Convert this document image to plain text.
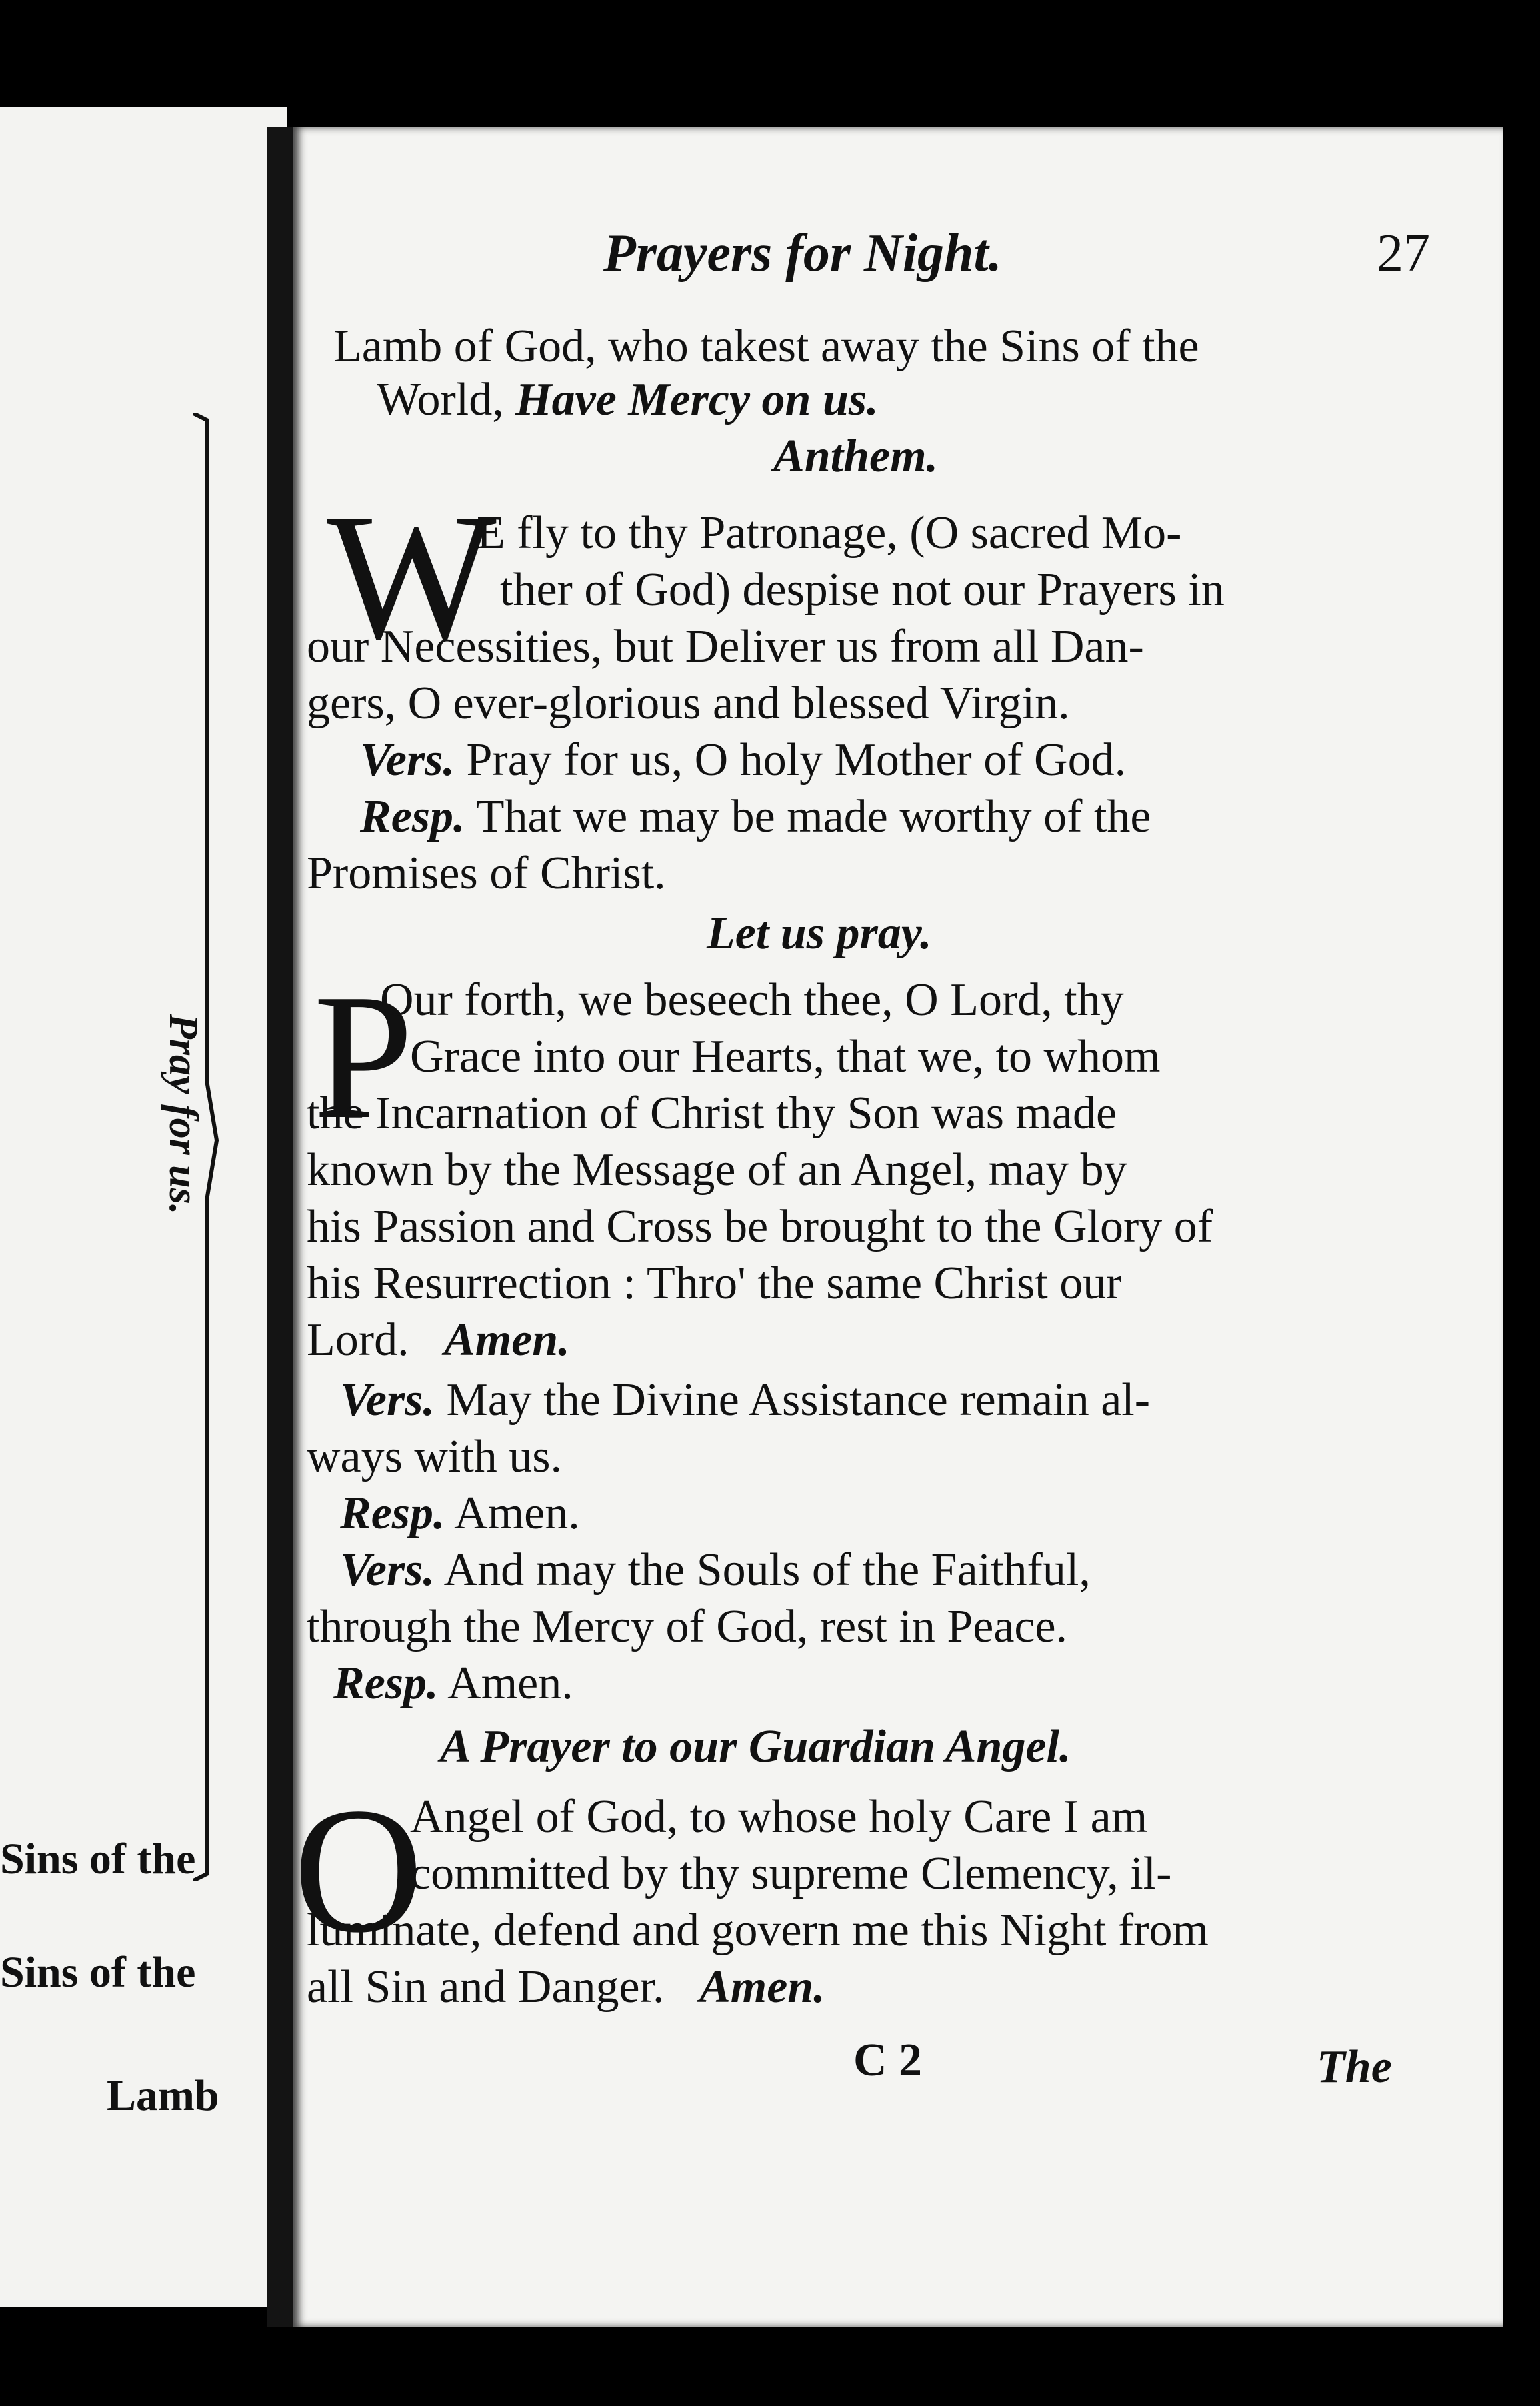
Pray for us.
Sins of the
Sins of the
Lamb
Prayers for Night.	27
Lamb of God, who takest away the Sins of the
World, Have Mercy on us.
Anthem.
W
E fly to thy Patronage, (O sacred Mo-
ther of God) despise not our Prayers in
our Necessities, but Deliver us from all Dan-
gers, O ever-glorious and blessed Virgin.
Vers. Pray for us, O holy Mother of God.
Resp. That we may be made worthy of the
Promises of Christ.
Let us pray.
P
Our forth, we beseech thee, O Lord, thy
Grace into our Hearts, that we, to whom
the Incarnation of Christ thy Son was made
known by the Message of an Angel, may by
his Passion and Cross be brought to the Glory of
his Resurrection : Thro' the same Christ our
Lord. Amen.
Vers. May the Divine Assistance remain al-
ways with us.
Resp. Amen.
Vers. And may the Souls of the Faithful,
through the Mercy of God, rest in Peace.
Resp. Amen.
A Prayer to our Guardian Angel.
O
Angel of God, to whose holy Care I am
committed by thy supreme Clemency, il-
luminate, defend and govern me this Night from
all Sin and Danger. Amen.
C 2	The
